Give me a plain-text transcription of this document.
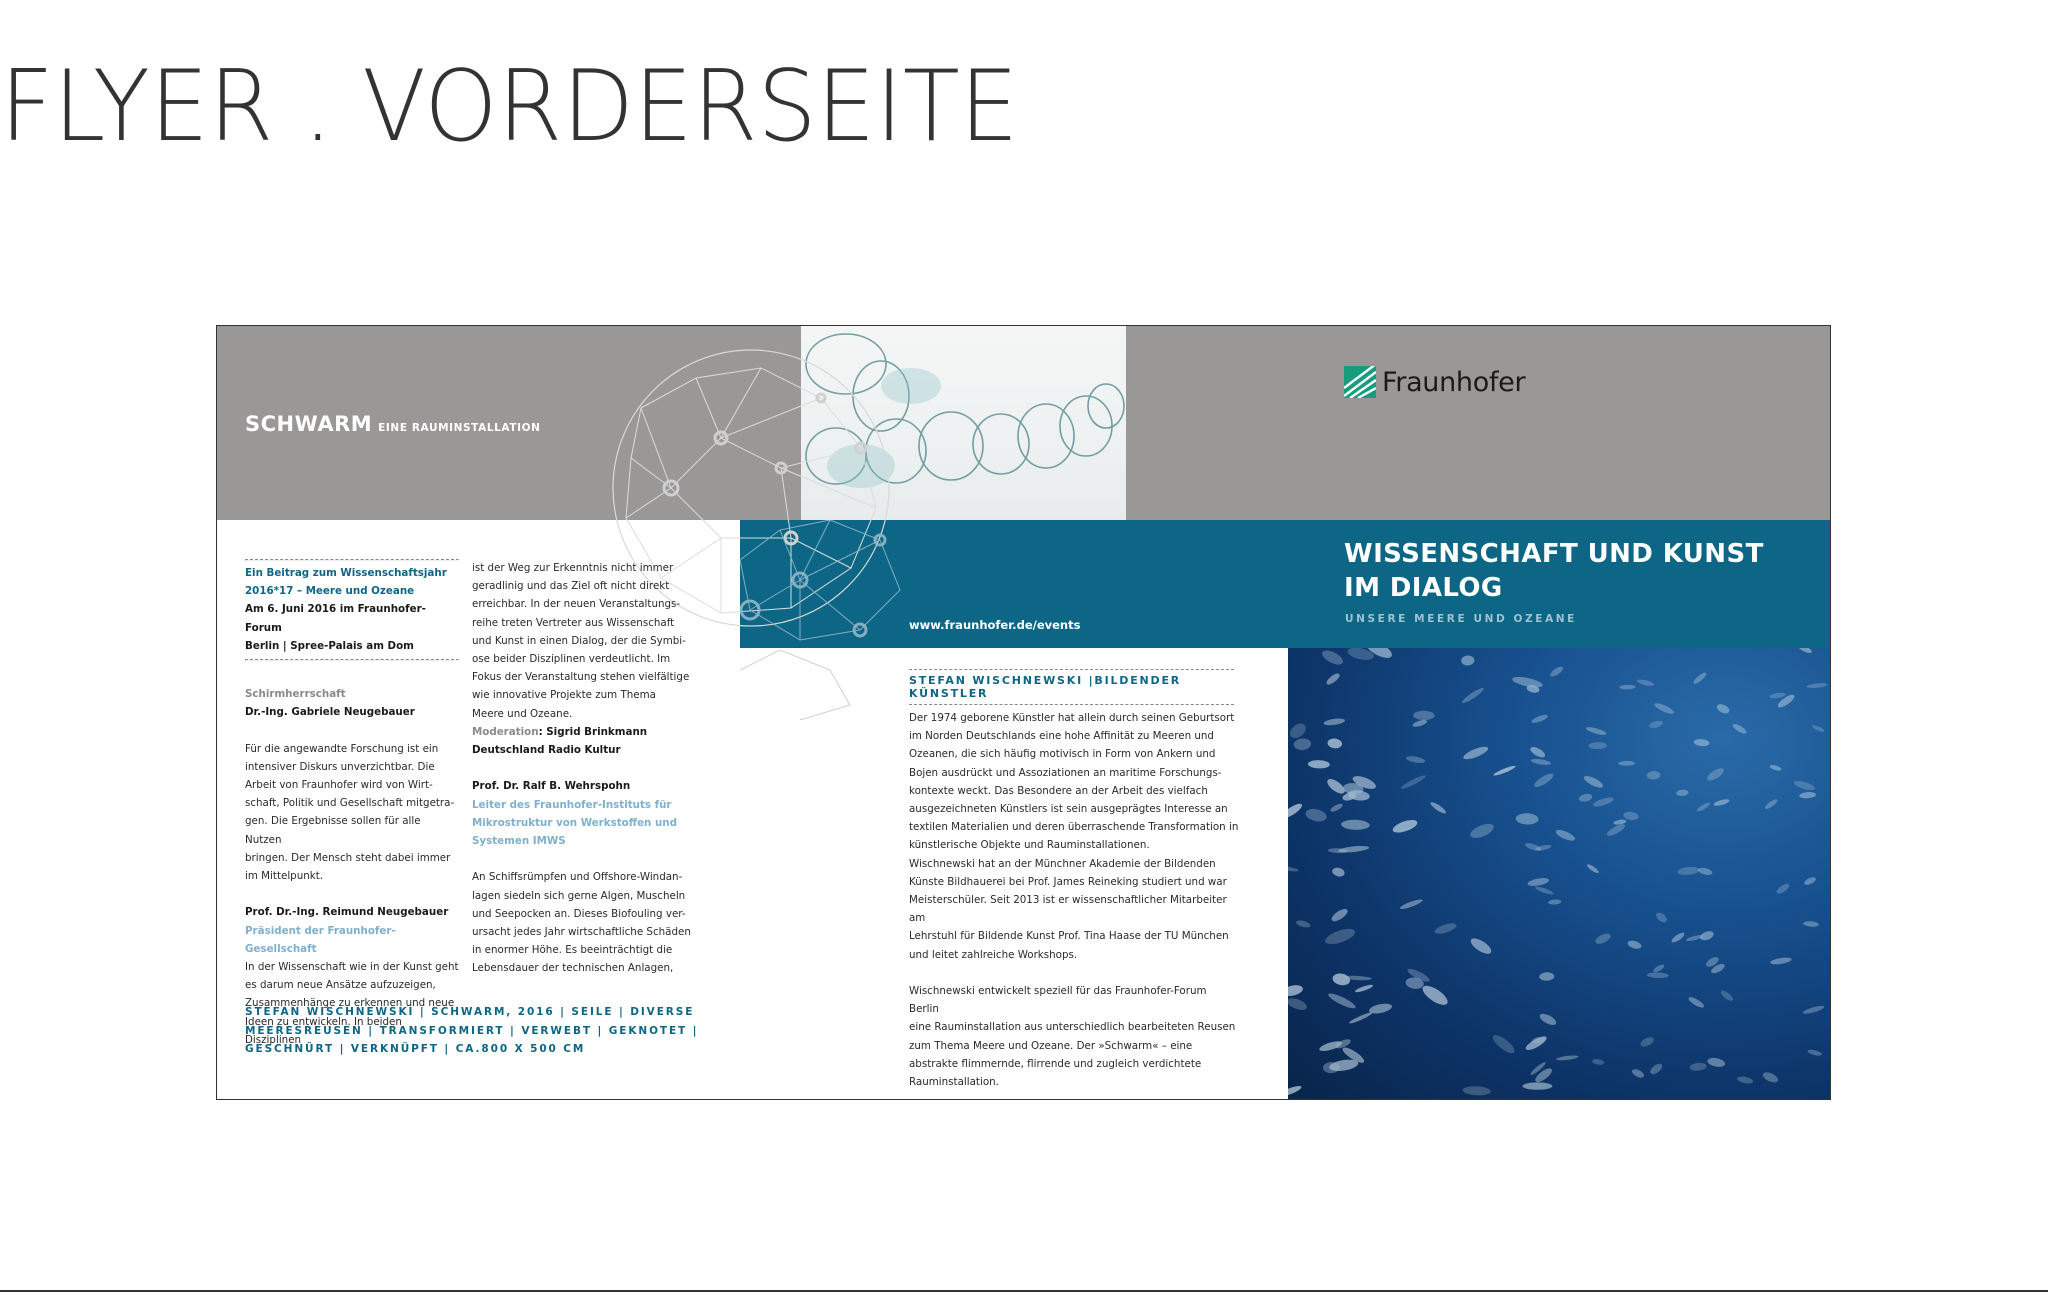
FLYER . VORDERSEITE
SCHWARM EINE RAUMINSTALLATION
Fraunhofer
WISSENSCHAFT UND KUNST
IM DIALOG
UNSERE MEERE UND OZEANE
www.fraunhofer.de/events

Ein Beitrag zum Wissenschaftsjahr

2016*17 – Meere und Ozeane

Am 6. Juni 2016 im Fraunhofer-Forum

Berlin | Spree-Palais am Dom

Schirmherrschaft

Dr.-Ing. Gabriele Neugebauer

Für die angewandte Forschung ist ein

intensiver Diskurs unverzichtbar. Die

Arbeit von Fraunhofer wird von Wirt-

schaft, Politik und Gesellschaft mitgetra-

gen. Die Ergebnisse sollen für alle Nutzen

bringen. Der Mensch steht dabei immer

im Mittelpunkt.

Prof. Dr.-Ing. Reimund Neugebauer

Präsident der Fraunhofer-Gesellschaft

In der Wissenschaft wie in der Kunst geht

es darum neue Ansätze aufzuzeigen,

Zusammenhänge zu erkennen und neue

Ideen zu entwickeln. In beiden Disziplinen

ist der Weg zur Erkenntnis nicht immer

geradlinig und das Ziel oft nicht direkt

erreichbar. In der neuen Veranstaltungs-

reihe treten Vertreter aus Wissenschaft

und Kunst in einen Dialog, der die Symbi-

ose beider Disziplinen verdeutlicht. Im

Fokus der Veranstaltung stehen vielfältige

wie innovative Projekte zum Thema

Meere und Ozeane.

Moderation: Sigrid Brinkmann

Deutschland Radio Kultur

Prof. Dr. Ralf B. Wehrspohn

Leiter des Fraunhofer-Instituts für

Mikrostruktur von Werkstoffen und

Systemen IMWS

An Schiffsrümpfen und Offshore-Windan-

lagen siedeln sich gerne Algen, Muscheln

und Seepocken an. Dieses Biofouling ver-

ursacht jedes Jahr wirtschaftliche Schäden

in enormer Höhe. Es beeinträchtigt die

Lebensdauer der technischen Anlagen,

STEFAN WISCHNEWSKI | SCHWARM, 2016 | SEILE | DIVERSE
MEERESREUSEN | TRANSFORMIERT | VERWEBT | GEKNOTET |
GESCHNÜRT | VERKNÜPFT | CA.800 X 500 CM
STEFAN WISCHNEWSKI |BILDENDER KÜNSTLER

Der 1974 geborene Künstler hat allein durch seinen Geburtsort

im Norden Deutschlands eine hohe Affinität zu Meeren und

Ozeanen, die sich häufig motivisch in Form von Ankern und

Bojen ausdrückt und Assoziationen an maritime Forschungs-

kontexte weckt. Das Besondere an der Arbeit des vielfach

ausgezeichneten Künstlers ist sein ausgeprägtes Interesse an

textilen Materialien und deren überraschende Transformation in

künstlerische Objekte und Rauminstallationen.

Wischnewski hat an der Münchner Akademie der Bildenden

Künste Bildhauerei bei Prof. James Reineking studiert und war

Meisterschüler. Seit 2013 ist er wissenschaftlicher Mitarbeiter am

Lehrstuhl für Bildende Kunst Prof. Tina Haase der TU München

und leitet zahlreiche Workshops.

Wischnewski entwickelt speziell für das Fraunhofer-Forum Berlin

eine Rauminstallation aus unterschiedlich bearbeiteten Reusen

zum Thema Meere und Ozeane. Der »Schwarm« – eine

abstrakte flimmernde, flirrende und zugleich verdichtete

Rauminstallation.
